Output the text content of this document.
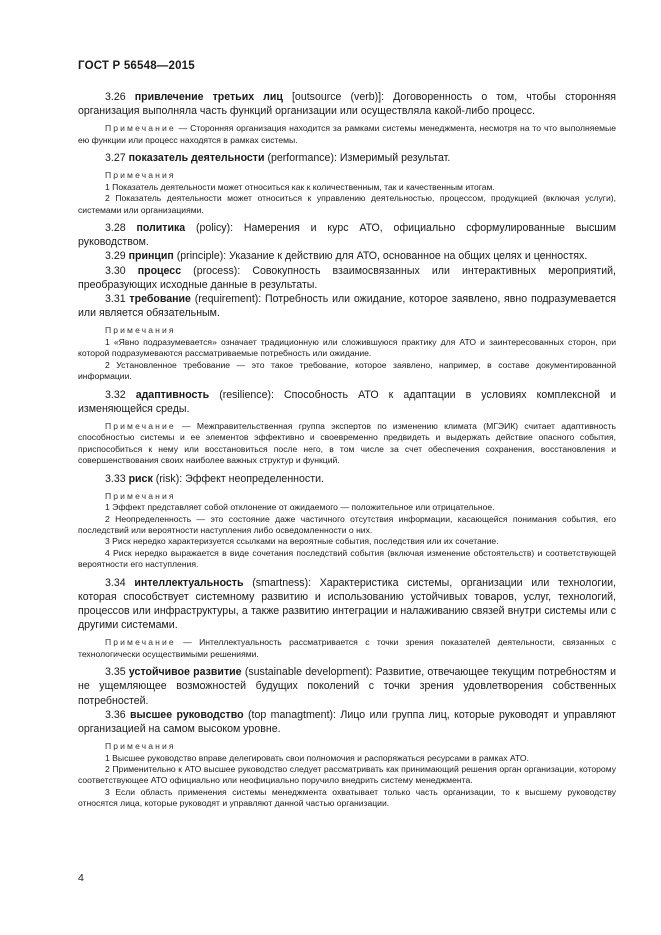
ГОСТ Р 56548—2015

3.26 привлечение третьих лиц [outsource (verb)]: Договоренность о том, чтобы сторонняя организация выполняла часть функций организации или осуществляла какой-либо процесс.

Примечание — Сторонняя организация находится за рамками системы менеджмента, несмотря на то что выполняемые ею функции или процесс находятся в рамках системы.

3.27 показатель деятельности (performance): Измеримый результат.

Примечания

1 Показатель деятельности может относиться как к количественным, так и качественным итогам.

2 Показатель деятельности может относиться к управлению деятельностью, процессом, продукцией (включая услуги), системами или организациями.

3.28 политика (policy): Намерения и курс АТО, официально сформулированные высшим руководством.

3.29 принцип (principle): Указание к действию для АТО, основанное на общих целях и ценностях.

3.30 процесс (process): Совокупность взаимосвязанных или интерактивных мероприятий, преобразующих исходные данные в результаты.

3.31 требование (requirement): Потребность или ожидание, которое заявлено, явно подразумевается или является обязательным.

Примечания

1 «Явно подразумевается» означает традиционную или сложившуюся практику для АТО и заинтересованных сторон, при которой подразумеваются рассматриваемые потребность или ожидание.

2 Установленное требование — это такое требование, которое заявлено, например, в составе документированной информации.

3.32 адаптивность (resilience): Способность АТО к адаптации в условиях комплексной и изменяющейся среды.

Примечание — Межправительственная группа экспертов по изменению климата (МГЭИК) считает адаптивность способностью системы и ее элементов эффективно и своевременно предвидеть и выдержать действие опасного события, приспособиться к нему или восстановиться после него, в том числе за счет обеспечения сохранения, восстановления и совершенствования своих наиболее важных структур и функций.

3.33 риск (risk): Эффект неопределенности.

Примечания

1 Эффект представляет собой отклонение от ожидаемого — положительное или отрицательное.

2 Неопределенность — это состояние даже частичного отсутствия информации, касающейся понимания события, его последствий или вероятности наступления либо осведомленности о них.

3 Риск нередко характеризуется ссылками на вероятные события, последствия или их сочетание.

4 Риск нередко выражается в виде сочетания последствий события (включая изменение обстоятельств) и соответствующей вероятности его наступления.

3.34 интеллектуальность (smartness): Характеристика системы, организации или технологии, которая способствует системному развитию и использованию устойчивых товаров, услуг, технологий, процессов или инфраструктуры, а также развитию интеграции и налаживанию связей внутри системы или с другими системами.

Примечание — Интеллектуальность рассматривается с точки зрения показателей деятельности, связанных с технологически осуществимыми решениями.

3.35 устойчивое развитие (sustainable development): Развитие, отвечающее текущим потребностям и не ущемляющее возможностей будущих поколений с точки зрения удовлетворения собственных потребностей.

3.36 высшее руководство (top managtment): Лицо или группа лиц, которые руководят и управляют организацией на самом высоком уровне.

Примечания

1 Высшее руководство вправе делегировать свои полномочия и распоряжаться ресурсами в рамках АТО.

2 Применительно к АТО высшее руководство следует рассматривать как принимающий решения орган организации, которому соответствующее АТО официально или неофициально поручило внедрить систему менеджмента.

3 Если область применения системы менеджмента охватывает только часть организации, то к высшему руководству относятся лица, которые руководят и управляют данной частью организации.

4
